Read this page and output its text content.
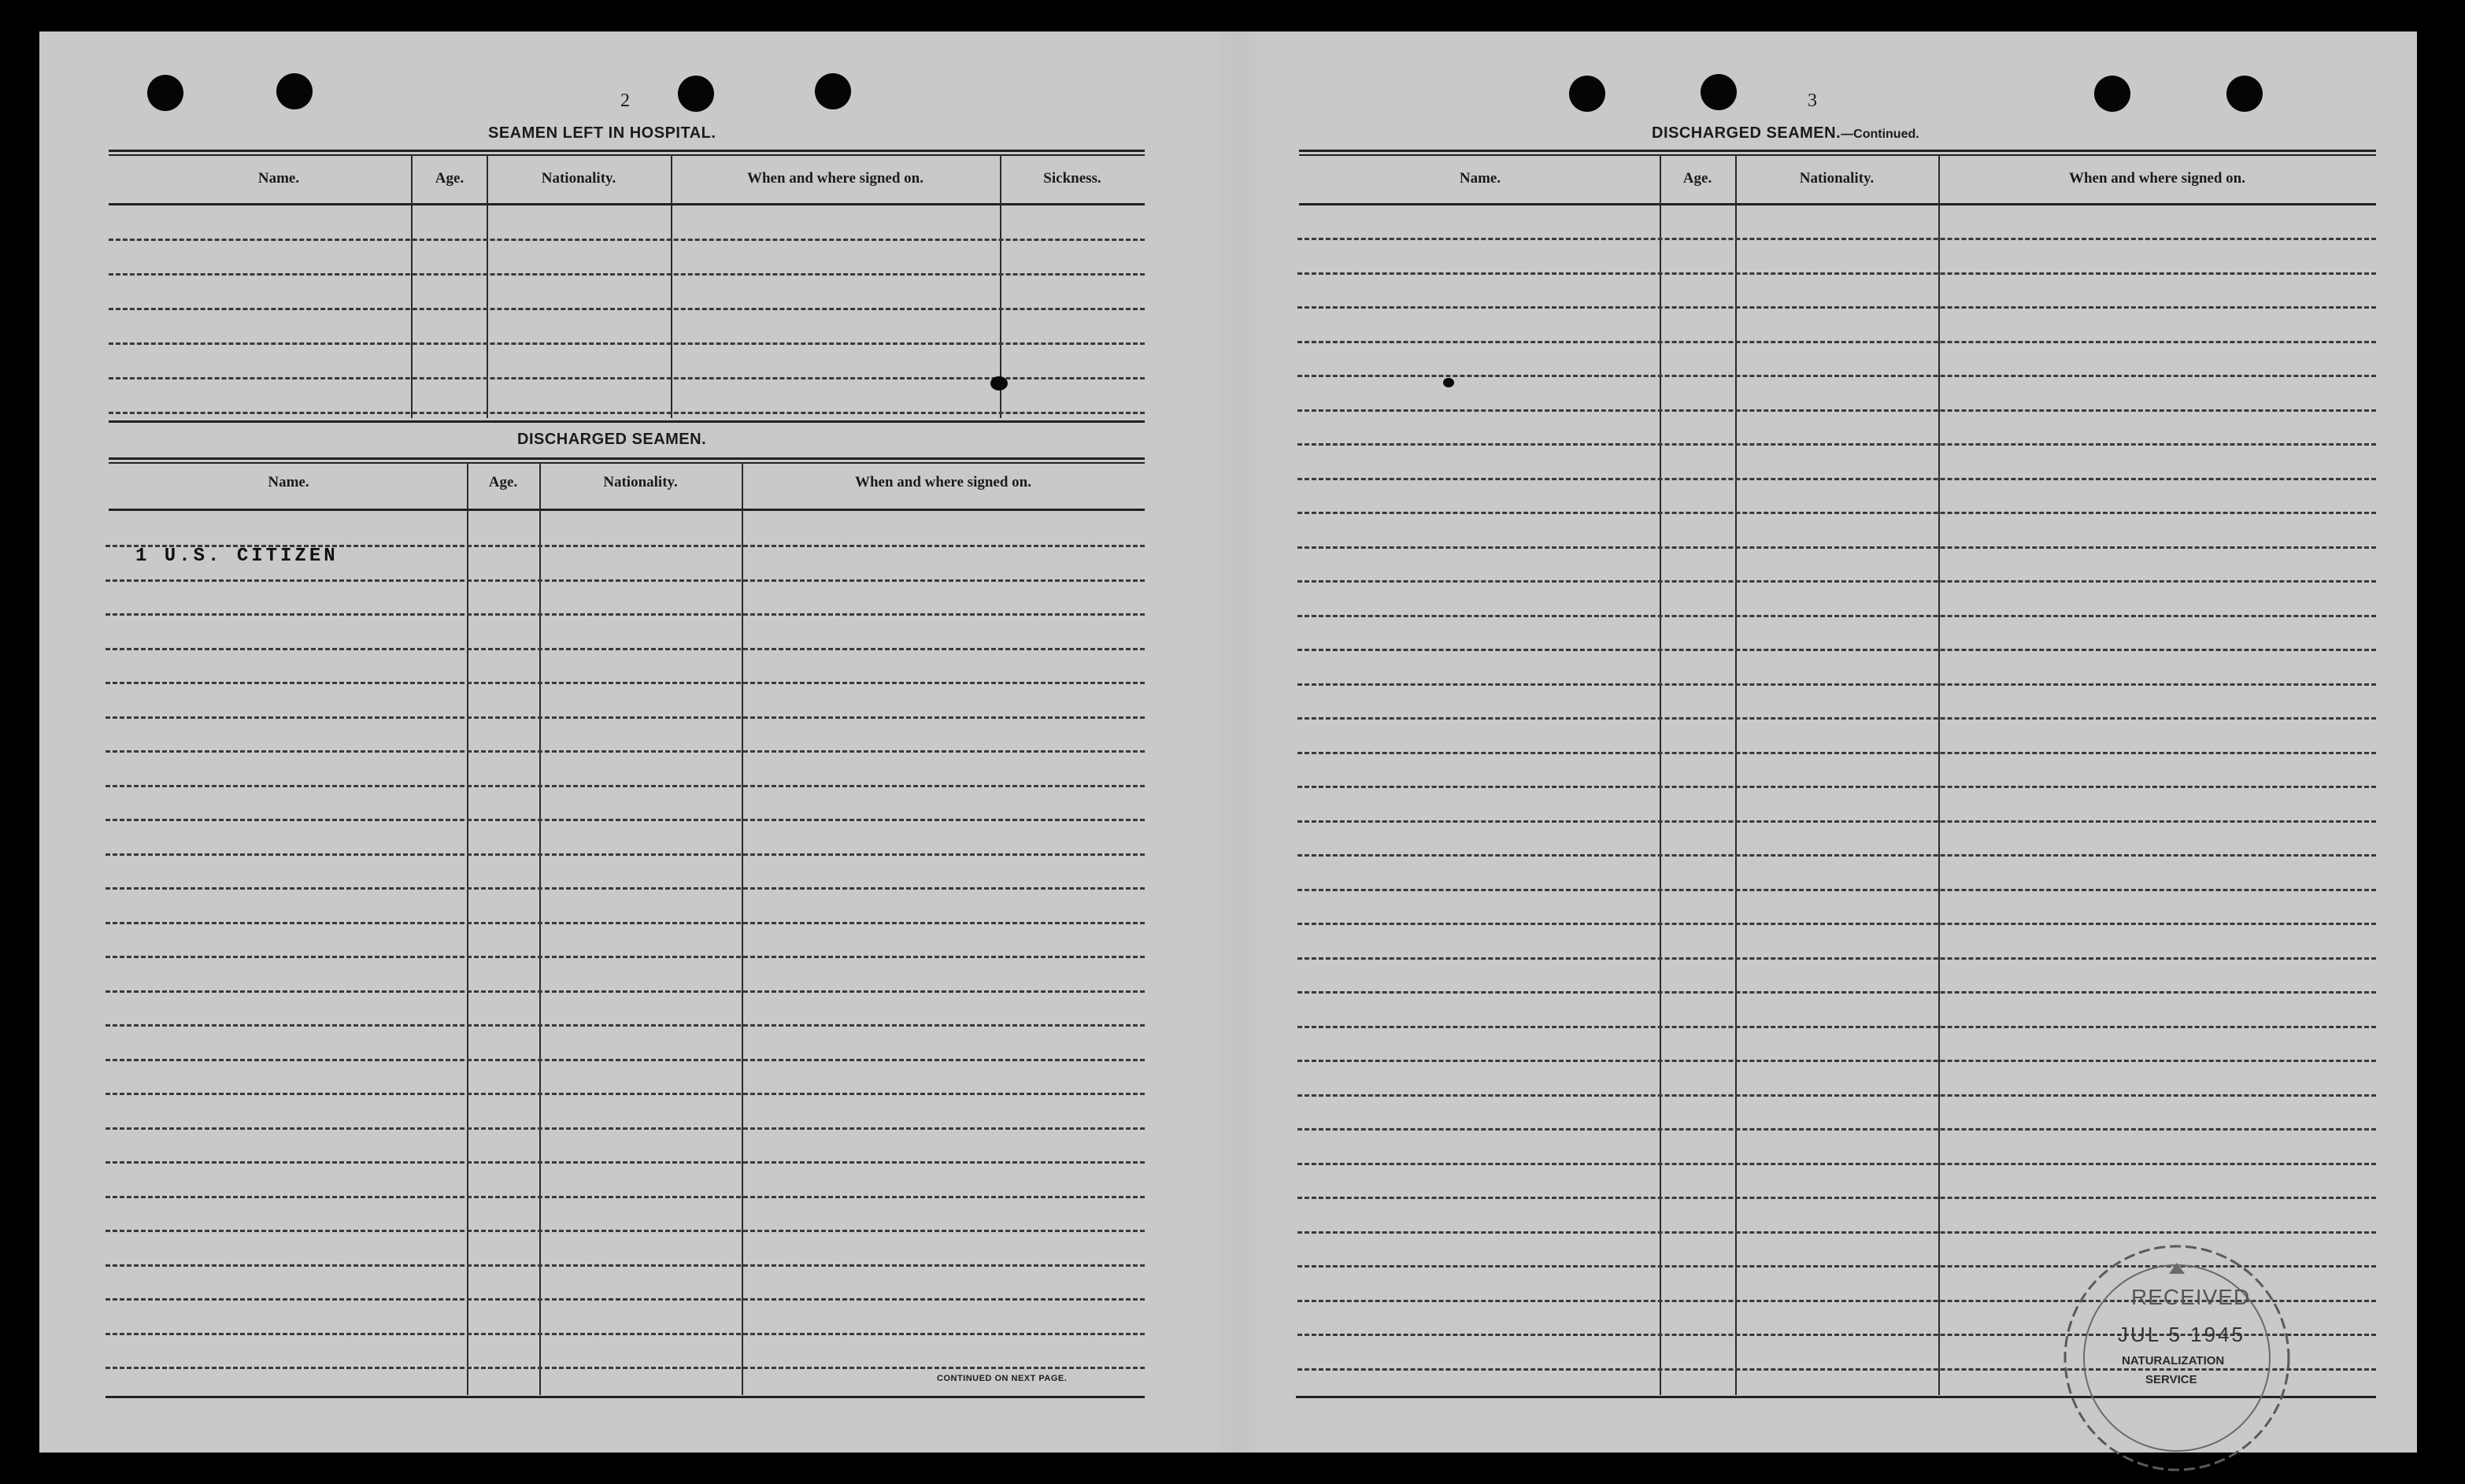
2
SEAMEN LEFT IN HOSPITAL.
Name.	Age.	Nationality.	When and where signed on.	Sickness.
DISCHARGED SEAMEN.
Name.	Age.	Nationality.	When and where signed on.
1 U.S. CITIZEN
CONTINUED ON NEXT PAGE.
3
DISCHARGED SEAMEN.—Continued.
Name.	Age.	Nationality.	When and where signed on.
RECEIVED
JUL 5 1945
NATURALIZATION
SERVICE
